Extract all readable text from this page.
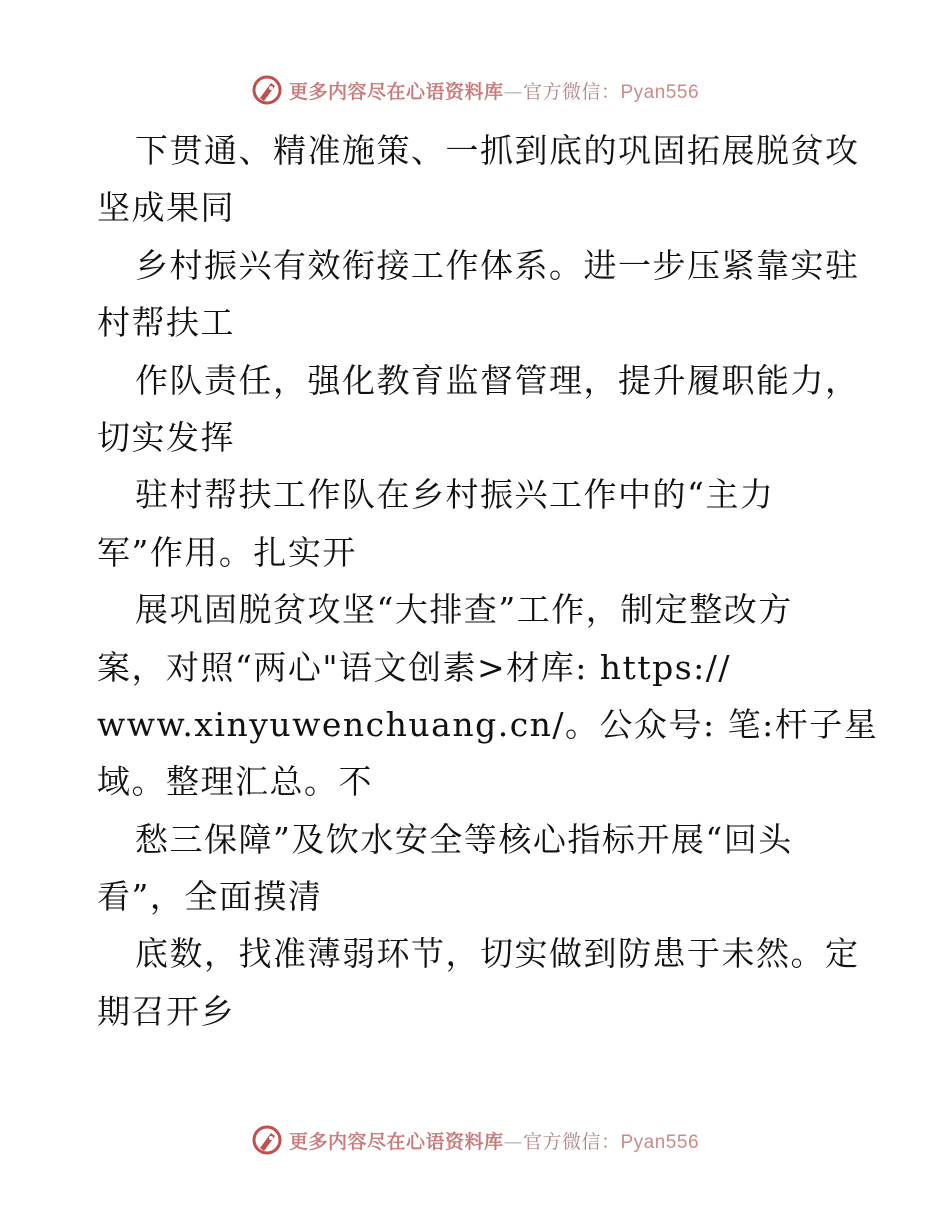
更多内容尽在心语资料库—官方微信：Pyan556
下贯通、精准施策、一抓到底的巩固拓展脱贫攻
坚成果同
乡村振兴有效衔接工作体系。进一步压紧靠实驻
村帮扶工
作队责任，强化教育监督管理，提升履职能力，
切实发挥
驻村帮扶工作队在乡村振兴工作中的“主力
军”作用。扎实开
展巩固脱贫攻坚“大排查”工作，制定整改方
案，对照“两心"语文创素>材库: https://
www.xinyuwenchuang.cn/。公众号: 笔:杆子星
域。整理汇总。不
愁三保障”及饮水安全等核心指标开展“回头
看”，全面摸清
底数，找准薄弱环节，切实做到防患于未然。定
期召开乡
更多内容尽在心语资料库—官方微信：Pyan556
